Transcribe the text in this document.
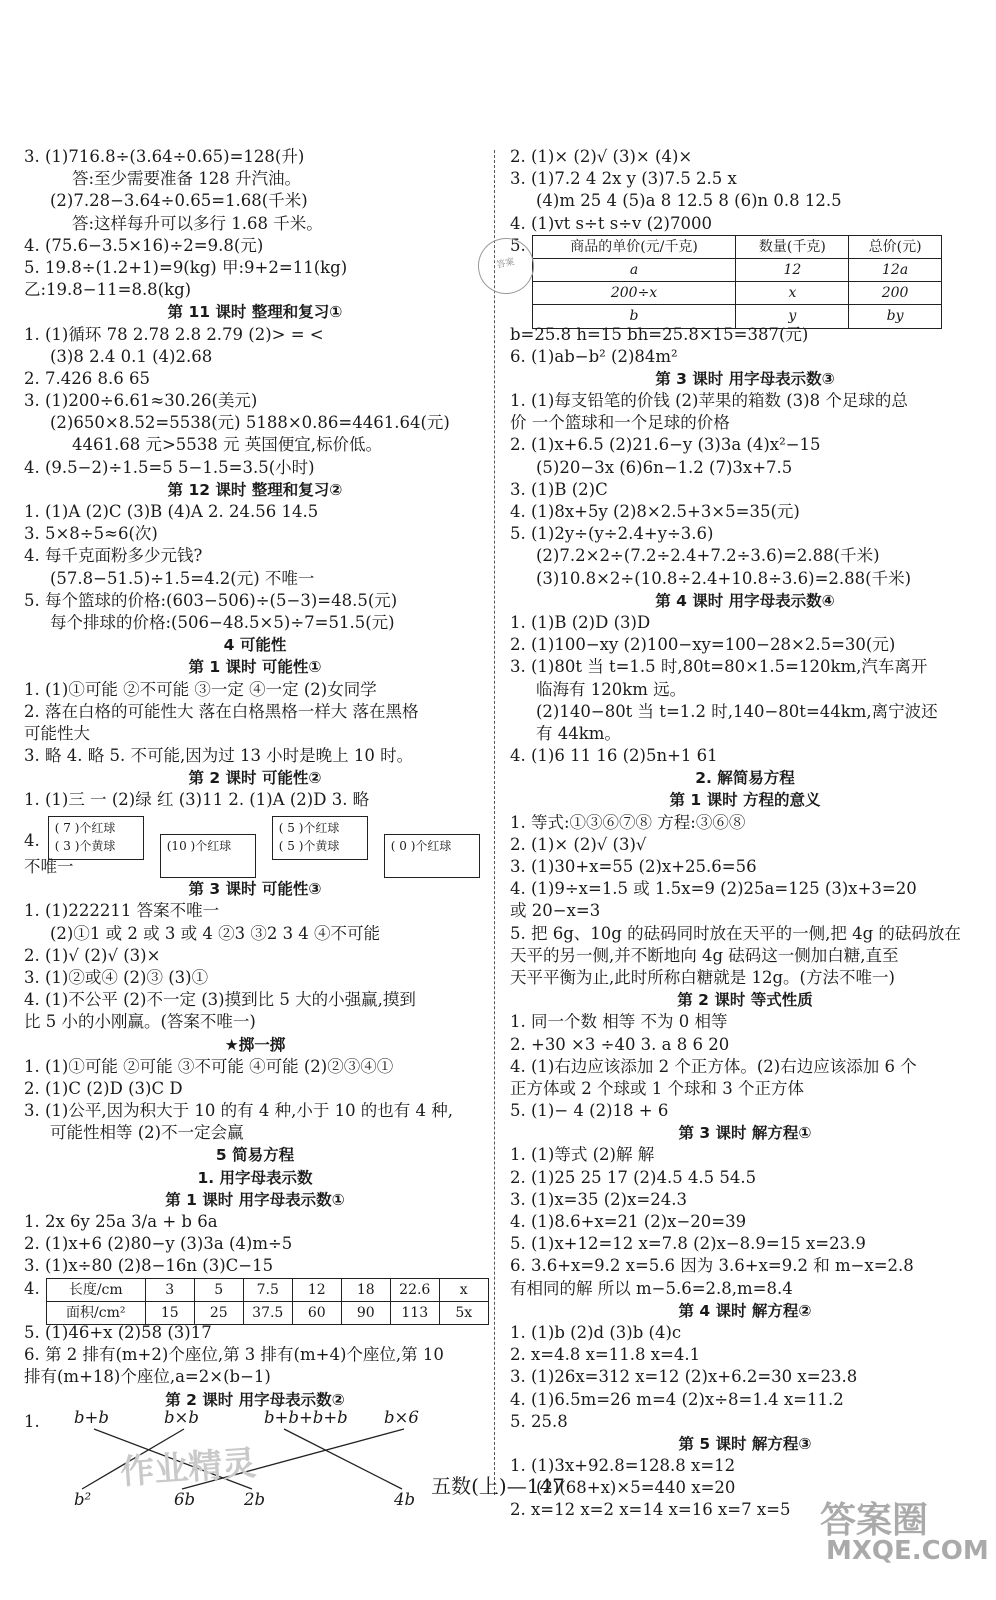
3. (1)716.8÷(3.64÷0.65)=128(升)
答:至少需要准备 128 升汽油。
(2)7.28−3.64÷0.65=1.68(千米)
答:这样每升可以多行 1.68 千米。
4. (75.6−3.5×16)÷2=9.8(元)
5. 19.8÷(1.2+1)=9(kg) 甲:9+2=11(kg)
乙:19.8−11=8.8(kg)
第 11 课时 整理和复习①
1. (1)循环 78 2.78 2.8 2.79 (2)> = <
(3)8 2.4 0.1 (4)2.68
2. 7.426 8.6 65
3. (1)200÷6.61≈30.26(美元)
(2)650×8.52=5538(元) 5188×0.86=4461.64(元)
4461.68 元>5538 元 英国便宜,标价低。
4. (9.5−2)÷1.5=5 5−1.5=3.5(小时)
第 12 课时 整理和复习②
1. (1)A (2)C (3)B (4)A 2. 24.56 14.5
3. 5×8÷5≈6(次)
4. 每千克面粉多少元钱?
(57.8−51.5)÷1.5=4.2(元) 不唯一
5. 每个篮球的价格:(603−506)÷(5−3)=48.5(元)
每个排球的价格:(506−48.5×5)÷7=51.5(元)
4 可能性
第 1 课时 可能性①
1. (1)①可能 ②不可能 ③一定 ④一定 (2)女同学
2. 落在白格的可能性大 落在白格黑格一样大 落在黑格
可能性大
3. 略 4. 略 5. 不可能,因为过 13 小时是晚上 10 时。
第 2 课时 可能性②
1. (1)三 一 (2)绿 红 (3)11 2. (1)A (2)D 3. 略
4.
( 7 )个红球
( 3 )个黄球	(10 )个红球
( 5 )个红球
( 5 )个黄球	( 0 )个红球
不唯一
第 3 课时 可能性③
1. (1)222211 答案不唯一
(2)①1 或 2 或 3 或 4 ②3 ③2 3 4 ④不可能
2. (1)√ (2)√ (3)×
3. (1)②或④ (2)③ (3)①
4. (1)不公平 (2)不一定 (3)摸到比 5 大的小强赢,摸到
比 5 小的小刚赢。(答案不唯一)
★掷一掷
1. (1)①可能 ②可能 ③不可能 ④可能 (2)②③④①
2. (1)C (2)D (3)C D
3. (1)公平,因为积大于 10 的有 4 种,小于 10 的也有 4 种,
可能性相等 (2)不一定会赢
5 简易方程
1. 用字母表示数
第 1 课时 用字母表示数①
1. 2x 6y 25a 3/a + b 6a
2. (1)x+6 (2)80−y (3)3a (4)m÷5
3. (1)x÷80 (2)8−16n (3)C−15
4. 长度/cm	3	5	7.5	12	18	22.6	x
面积/cm²	15	25	37.5	60	90	113	5x
5. (1)46+x (2)58 (3)17
6. 第 2 排有(m+2)个座位,第 3 排有(m+4)个座位,第 10
排有(m+18)个座位,a=2×(b−1)
第 2 课时 用字母表示数②
1. b+b	b×b	b+b+b+b b×6
b²	6b	2b	4b
2. (1)× (2)√ (3)× (4)×
3. (1)7.2 4 2x y (3)7.5 2.5 x
(4)m 25 4 (5)a 8 12.5 8 (6)n 0.8 12.5
4. (1)vt s÷t s÷v (2)7000
5.	商品的单价(元/千克)	数量(千克)	总价(元)
a	12	12a
200÷x	x	200
b	y	by
b=25.8 h=15 bh=25.8×15=387(元)
6. (1)ab−b² (2)84m²
第 3 课时 用字母表示数③
1. (1)每支铅笔的价钱 (2)苹果的箱数 (3)8 个足球的总
价 一个篮球和一个足球的价格
2. (1)x+6.5 (2)21.6−y (3)3a (4)x²−15
(5)20−3x (6)6n−1.2 (7)3x+7.5
3. (1)B (2)C
4. (1)8x+5y (2)8×2.5+3×5=35(元)
5. (1)2y÷(y÷2.4+y÷3.6)
(2)7.2×2÷(7.2÷2.4+7.2÷3.6)=2.88(千米)
(3)10.8×2÷(10.8÷2.4+10.8÷3.6)=2.88(千米)
第 4 课时 用字母表示数④
1. (1)B (2)D (3)D
2. (1)100−xy (2)100−xy=100−28×2.5=30(元)
3. (1)80t 当 t=1.5 时,80t=80×1.5=120km,汽车离开
临海有 120km 远。
(2)140−80t 当 t=1.2 时,140−80t=44km,离宁波还
有 44km。
4. (1)6 11 16 (2)5n+1 61
2. 解简易方程
第 1 课时 方程的意义
1. 等式:①③⑥⑦⑧ 方程:③⑥⑧
2. (1)× (2)√ (3)√
3. (1)30+x=55 (2)x+25.6=56
4. (1)9÷x=1.5 或 1.5x=9 (2)25a=125 (3)x+3=20
或 20−x=3
5. 把 6g、10g 的砝码同时放在天平的一侧,把 4g 的砝码放在
天平的另一侧,并不断地向 4g 砝码这一侧加白糖,直至
天平平衡为止,此时所称白糖就是 12g。(方法不唯一)
第 2 课时 等式性质
1. 同一个数 相等 不为 0 相等
2. +30 ×3 ÷40 3. a 8 6 20
4. (1)右边应该添加 2 个正方体。(2)右边应该添加 6 个
正方体或 2 个球或 1 个球和 3 个正方体
5. (1)− 4 (2)18 + 6
第 3 课时 解方程①
1. (1)等式 (2)解 解
2. (1)25 25 17 (2)4.5 4.5 54.5
3. (1)x=35 (2)x=24.3
4. (1)8.6+x=21 (2)x−20=39
5. (1)x+12=12 x=7.8 (2)x−8.9=15 x=23.9
6. 3.6+x=9.2 x=5.6 因为 3.6+x=9.2 和 m−x=2.8
有相同的解 所以 m−5.6=2.8,m=8.4
第 4 课时 解方程②
1. (1)b (2)d (3)b (4)c
2. x=4.8 x=11.8 x=4.1
3. (1)26x=312 x=12 (2)x+6.2=30 x=23.8
4. (1)6.5m=26 m=4 (2)x÷8=1.4 x=11.2
5. 25.8
第 5 课时 解方程③
1. (1)3x+92.8=128.8 x=12
(2)(68+x)×5=440 x=20
2. x=12 x=2 x=14 x=16 x=7 x=5
答案
作业精灵
答案圈
MXQE.COM
五数(上)—147
